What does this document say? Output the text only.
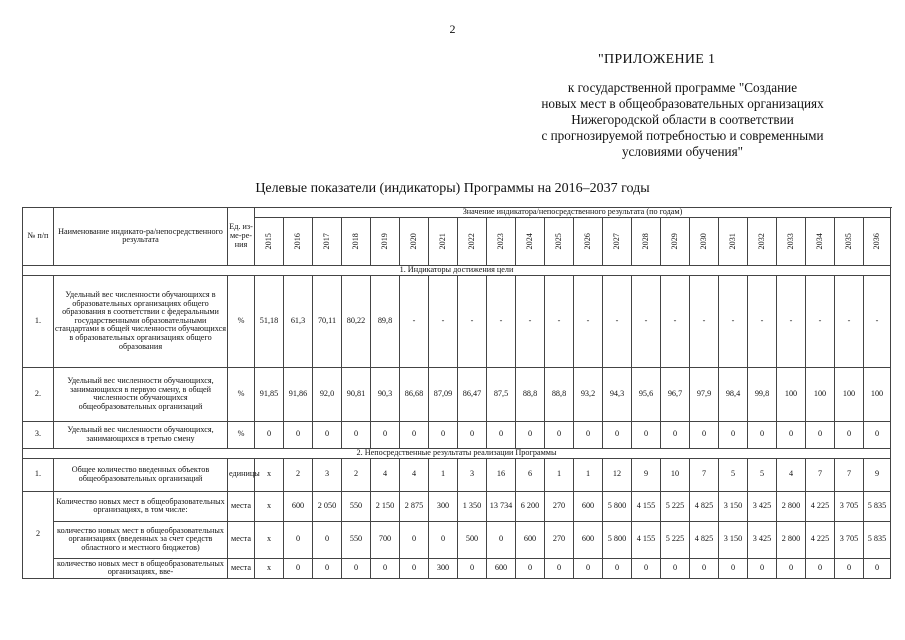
2
"ПРИЛОЖЕНИЕ 1
к государственной программе "Создание
новых мест в общеобразовательных организациях
Нижегородской области в соответствии
с прогнозируемой потребностью и современными
условиями обучения"
Целевые показатели (индикаторы) Программы на 2016–2037 годы
№ п/п	Наименование индикато-ра/непосредственного результата	Ед. из-ме-ре-ния	Значение индикатора/непосредственного результата (по годам)																						
			2015	2016	2017	2018	2019	2020	2021	2022	2023	2024	2025	2026	2027	2028	2029	2030	2031	2032	2033	2034	2035	2036	
1. Индикаторы достижения цели																									
1.	Удельный вес численности обучающихся в образовательных организациях общего образования в соответствии с федеральными государственными образовательными стандартами в общей численности обучающихся в образовательных организациях общего образования	%	51,18	61,3	70,11	80,22	89,8	-	-	-	-	-	-	-	-	-	-	-	-	-	-	-	-	-	
2.	Удельный вес численности обучающихся, занимающихся в первую смену, в общей численности обучающихся общеобразовательных организаций	%	91,85	91,86	92,0	90,81	90,3	86,68	87,09	86,47	87,5	88,8	88,8	93,2	94,3	95,6	96,7	97,9	98,4	99,8	100	100	100	100	
3.	Удельный вес численности обучающихся, занимающихся в третью смену	%	0	0	0	0	0	0	0	0	0	0	0	0	0	0	0	0	0	0	0	0	0	0	
2. Непосредственные результаты реализации Программы																									
1.	Общее количество введенных объектов общеобразовательных организаций	единицы	х	2	3	2	4	4	1	3	16	6	1	1	12	9	10	7	5	5	4	7	7	9	
2	Количество новых мест в общеобразовательных организациях, в том числе:	места	х	600	2 050	550	2 150	2 875	300	1 350	13 734	6 200	270	600	5 800	4 155	5 225	4 825	3 150	3 425	2 800	4 225	3 705	5 835	
	количество новых мест в общеобразовательных организациях (введенных за счет средств областного и местного бюджетов)	места	х	0	0	550	700	0	0	500	0	600	270	600	5 800	4 155	5 225	4 825	3 150	3 425	2 800	4 225	3 705	5 835	
	количество новых мест в общеобразовательных организациях, вве-	места	х	0	0	0	0	0	300	0	600	0	0	0	0	0	0	0	0	0	0	0	0	0	
